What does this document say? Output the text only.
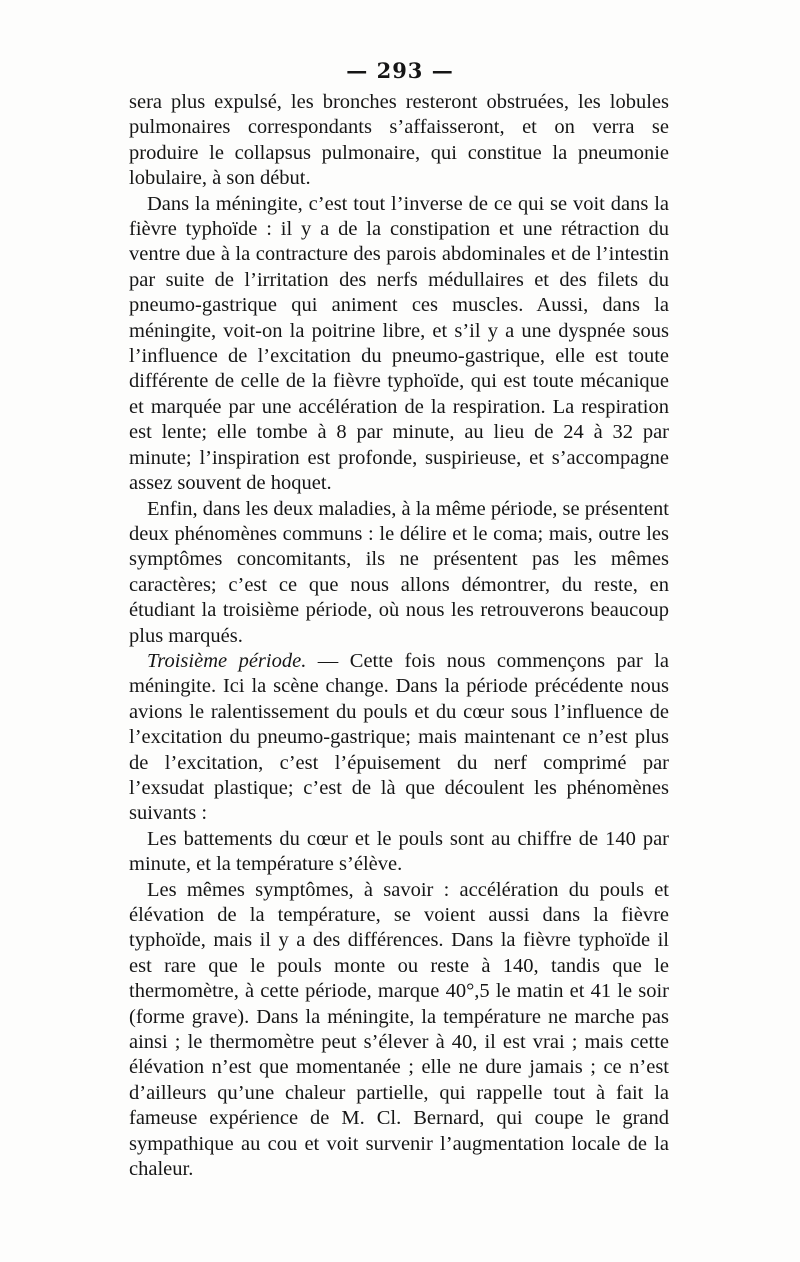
— 293 —

sera plus expulsé, les bronches resteront obstruées, les lobules pulmonaires correspondants s’affaisseront, et on verra se produire le collapsus pulmonaire, qui constitue la pneumonie lobulaire, à son début.

Dans la méningite, c’est tout l’inverse de ce qui se voit dans la fièvre typhoïde : il y a de la constipation et une rétraction du ventre due à la contracture des parois abdominales et de l’intestin par suite de l’irritation des nerfs médullaires et des filets du pneumo-gastrique qui animent ces muscles. Aussi, dans la méningite, voit-on la poitrine libre, et s’il y a une dyspnée sous l’influence de l’excitation du pneumo-gastrique, elle est toute différente de celle de la fièvre typhoïde, qui est toute mécanique et marquée par une accélération de la respiration. La respiration est lente; elle tombe à 8 par minute, au lieu de 24 à 32 par minute; l’inspiration est profonde, suspirieuse, et s’accompagne assez souvent de hoquet.

Enfin, dans les deux maladies, à la même période, se présentent deux phénomènes communs : le délire et le coma; mais, outre les symptômes concomitants, ils ne présentent pas les mêmes caractères; c’est ce que nous allons démontrer, du reste, en étudiant la troisième période, où nous les retrouverons beaucoup plus marqués.

Troisième période. — Cette fois nous commençons par la méningite. Ici la scène change. Dans la période précédente nous avions le ralentissement du pouls et du cœur sous l’influence de l’excitation du pneumo-gastrique; mais maintenant ce n’est plus de l’excitation, c’est l’épuisement du nerf comprimé par l’exsudat plastique; c’est de là que découlent les phénomènes suivants :

Les battements du cœur et le pouls sont au chiffre de 140 par minute, et la température s’élève.

Les mêmes symptômes, à savoir : accélération du pouls et élévation de la température, se voient aussi dans la fièvre typhoïde, mais il y a des différences. Dans la fièvre typhoïde il est rare que le pouls monte ou reste à 140, tandis que le thermomètre, à cette période, marque 40°,5 le matin et 41 le soir (forme grave). Dans la méningite, la température ne marche pas ainsi ; le thermomètre peut s’élever à 40, il est vrai ; mais cette élévation n’est que momentanée ; elle ne dure jamais ; ce n’est d’ailleurs qu’une chaleur partielle, qui rappelle tout à fait la fameuse expérience de M. Cl. Bernard, qui coupe le grand sympathique au cou et voit survenir l’augmentation locale de la chaleur.
